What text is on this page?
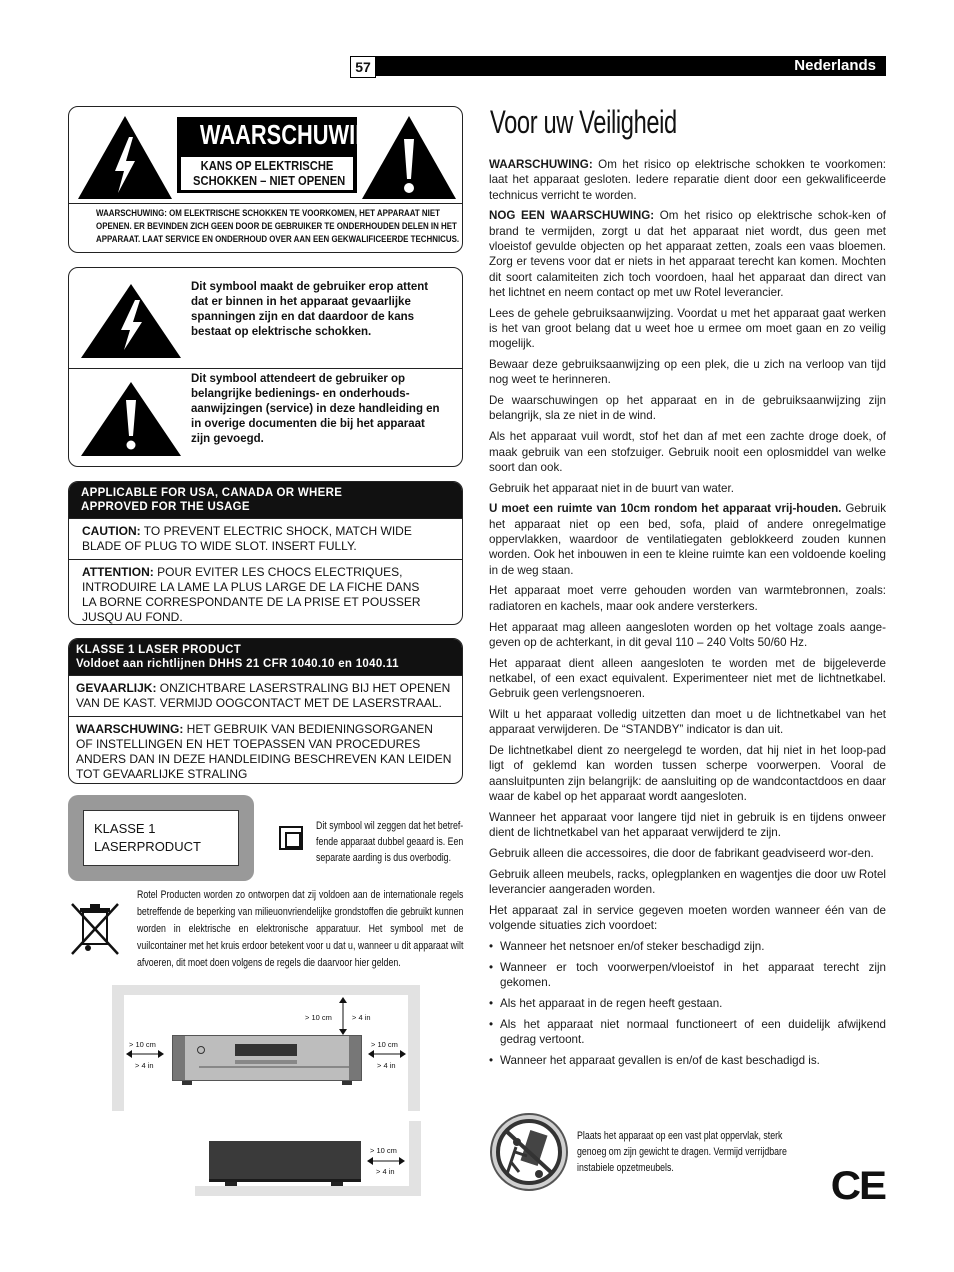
57	Nederlands
WAARSCHUWING
KANS OP ELEKTRISCHE
SCHOKKEN – NIET OPENEN
WAARSCHUWING: OM ELEKTRISCHE SCHOKKEN TE VOORKOMEN, HET APPARAAT NIET
OPENEN. ER BEVINDEN ZICH GEEN DOOR DE GEBRUIKER TE ONDERHOUDEN DELEN IN HET
APPARAAT. LAAT SERVICE EN ONDERHOUD OVER AAN EEN GEKWALIFICEERDE TECHNICUS.
Dit symbool maakt de gebruiker erop attent dat er binnen in het apparaat gevaarlijke spanningen zijn en dat daardoor de kans bestaat op elektrische schokken.
Dit symbool attendeert de gebruiker op belangrijke bedienings- en onderhouds-aanwijzingen (service) in deze handleiding en in overige documenten die bij het apparaat zijn gevoegd.
APPLICABLE FOR USA, CANADA OR WHERE
APPROVED FOR THE USAGE
CAUTION: TO PREVENT ELECTRIC SHOCK, MATCH WIDE BLADE OF PLUG TO WIDE SLOT. INSERT FULLY.
ATTENTION: POUR EVITER LES CHOCS ELECTRIQUES, INTRODUIRE LA LAME LA PLUS LARGE DE LA FICHE DANS LA BORNE CORRESPONDANTE DE LA PRISE ET POUSSER JUSQU AU FOND.
KLASSE 1 LASER PRODUCT
Voldoet aan richtlijnen DHHS 21 CFR 1040.10 en 1040.11
GEVAARLIJK: ONZICHTBARE LASERSTRALING BIJ HET OPENEN VAN DE KAST. VERMIJD OOGCONTACT MET DE LASERSTRAAL.
WAARSCHUWING: HET GEBRUIK VAN BEDIENINGSORGANEN OF INSTELLINGEN EN HET TOEPASSEN VAN PROCEDURES ANDERS DAN IN DEZE HANDLEIDING BESCHREVEN KAN LEIDEN TOT GEVAARLIJKE STRALING
KLASSE 1
LASERPRODUCT
Dit symbool wil zeggen dat het betref-fende apparaat dubbel geaard is. Een separate aarding is dus overbodig.
Rotel Producten worden zo ontworpen dat zij voldoen aan de internationale regels betreffende de beperking van milieuonvriendelijke grondstoffen die gebruikt kunnen worden in elektrische en elektronische apparatuur. Het symbool met de vuilcontainer met het kruis erdoor betekent voor u dat u, wanneer u dit apparaat wilt afvoeren, dit moet doen volgens de regels die daarvoor hier gelden.
> 10 cm	> 4 in
> 10 cm
> 4 in
> 10 cm
> 4 in
> 10 cm
> 4 in
Voor uw Veiligheid

WAARSCHUWING: Om het risico op elektrische schokken te voorkomen: laat het apparaat gesloten. Iedere reparatie dient door een gekwalificeerde technicus verricht te worden.

NOG EEN WAARSCHUWING: Om het risico op elektrische schok-ken of brand te vermijden, zorgt u dat het apparaat niet wordt, dus geen met vloeistof gevulde objecten op het apparaat zetten, zoals een vaas bloemen. Zorg er tevens voor dat er niets in het apparaat terecht kan komen. Mochten dit soort calamiteiten zich toch voordoen, haal het apparaat dan direct van het lichtnet en neem contact op met uw Rotel leverancier.

Lees de gehele gebruiksaanwijzing. Voordat u met het apparaat gaat werken is het van groot belang dat u weet hoe u ermee om moet gaan en zo veilig mogelijk.

Bewaar deze gebruiksaanwijzing op een plek, die u zich na verloop van tijd nog weet te herinneren.

De waarschuwingen op het apparaat en in de gebruiksaanwijzing zijn belangrijk, sla ze niet in de wind.

Als het apparaat vuil wordt, stof het dan af met een zachte droge doek, of maak gebruik van een stofzuiger. Gebruik nooit een oplosmiddel van welke soort dan ook.

Gebruik het apparaat niet in de buurt van water.

U moet een ruimte van 10cm rondom het apparaat vrij-houden. Gebruik het apparaat niet op een bed, sofa, plaid of andere onregelmatige oppervlakken, waardoor de ventilatiegaten geblokkeerd zouden kunnen worden. Ook het inbouwen in een te kleine ruimte kan een voldoende koeling in de weg staan.

Het apparaat moet verre gehouden worden van warmtebronnen, zoals: radiatoren en kachels, maar ook andere versterkers.

Het apparaat mag alleen aangesloten worden op het voltage zoals aange-geven op de achterkant, in dit geval 110 – 240 Volts 50/60 Hz.

Het apparaat dient alleen aangesloten te worden met de bijgeleverde netkabel, of een exact equivalent. Experimenteer niet met de lichtnetkabel. Gebruik geen verlengsnoeren.

Wilt u het apparaat volledig uitzetten dan moet u de lichtnetkabel van het apparaat verwijderen. De “STANDBY” indicator is dan uit.

De lichtnetkabel dient zo neergelegd te worden, dat hij niet in het loop-pad ligt of geklemd kan worden tussen scherpe voorwerpen. Vooral de aansluitpunten zijn belangrijk: de aansluiting op de wandcontactdoos en daar waar de kabel op het apparaat wordt aangesloten.

Wanneer het apparaat voor langere tijd niet in gebruik is en tijdens onweer dient de lichtnetkabel van het apparaat verwijderd te zijn.

Gebruik alleen die accessoires, die door de fabrikant geadviseerd wor-den.

Gebruik alleen meubels, racks, oplegplanken en wagentjes die door uw Rotel leverancier aangeraden worden.

Het apparaat zal in service gegeven moeten worden wanneer één van de volgende situaties zich voordoet:

• Wanneer het netsnoer en/of steker beschadigd zijn.
• Wanneer er toch voorwerpen/vloeistof in het apparaat terecht zijn gekomen.
• Als het apparaat in de regen heeft gestaan.
• Als het apparaat niet normaal functioneert of een duidelijk afwijkend gedrag vertoont.
• Wanneer het apparaat gevallen is en/of de kast beschadigd is.
Plaats het apparaat op een vast plat oppervlak, sterk genoeg om zijn gewicht te dragen. Vermijd verrijdbare instabiele opzetmeubels.	CE
